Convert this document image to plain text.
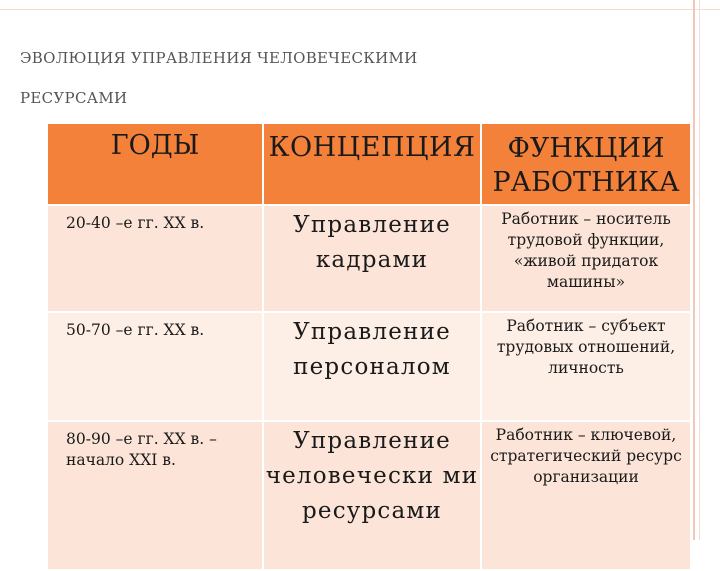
ЭВОЛЮЦИЯ УПРАВЛЕНИЯ ЧЕЛОВЕЧЕСКИМИ
РЕСУРСАМИ
ГОДЫ	КОНЦЕПЦИЯ	ФУНКЦИИ РАБОТНИКА
20-40 –е гг. XX в.	Управление кадрами	Работник – носитель трудовой функции, «живой придаток машины»
50-70 –е гг. XX в.	Управление персоналом	Работник – субъект трудовых отношений, личность
80-90 –е гг. XX в. – начало XXI в.	Управление человечески ми ресурсами	Работник – ключевой, стратегический ресурс организации
